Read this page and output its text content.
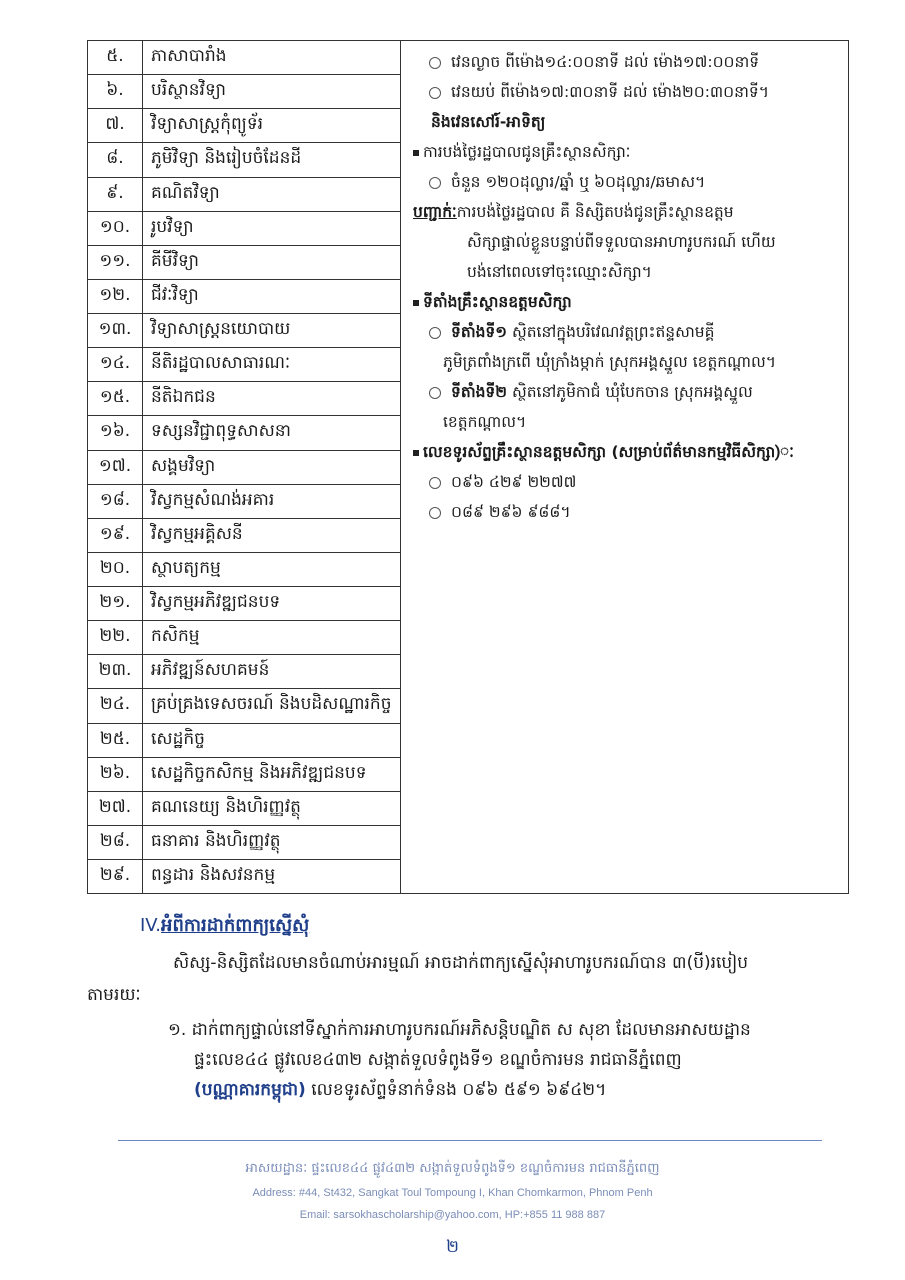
៥.	ភាសាបារាំង
៦.	បរិស្ថានវិទ្យា
៧.	វិទ្យាសាស្ត្រកុំព្យូទ័រ
៨.	ភូមិវិទ្យា និងរៀបចំដែនដី
៩.	គណិតវិទ្យា
១០.	រូបវិទ្យា
១១.	គីមីវិទ្យា
១២.	ជីវៈវិទ្យា
១៣.	វិទ្យាសាស្ត្រនយោបាយ
១៤.	នីតិរដ្ឋបាលសាធារណៈ
១៥.	នីតិឯកជន
១៦.	ទស្សនវិជ្ជាពុទ្ធសាសនា
១៧.	សង្គមវិទ្យា
១៨.	វិស្វកម្មសំណង់អគារ
១៩.	វិស្វកម្មអគ្គិសនី
២០.	ស្ថាបត្យកម្ម
២១.	វិស្វកម្មអភិវឌ្ឍជនបទ
២២.	កសិកម្ម
២៣.	អភិវឌ្ឍន៍សហគមន៍
២៤.	គ្រប់គ្រងទេសចរណ៍ និងបដិសណ្ឋារកិច្ច
២៥.	សេដ្ឋកិច្ច
២៦.	សេដ្ឋកិច្ចកសិកម្ម និងអភិវឌ្ឍជនបទ
២៧.	គណនេយ្យ និងហិរញ្ញវត្ថុ
២៨.	ធនាគារ និងហិរញ្ញវត្ថុ
២៩.	ពន្ធដារ និងសវនកម្ម
វេនល្ងាច ពីម៉ោង១៤:០០នាទី ដល់ ម៉ោង១៧:០០នាទី
វេនយប់ ពីម៉ោង១៧:៣០នាទី ដល់ ម៉ោង២០:៣០នាទី។
និងវេនសៅរ៍-អាទិត្យ
ការបង់ថ្លៃរដ្ឋបាលជូនគ្រឹះស្ថានសិក្សាៈ
ចំនួន ១២០ដុល្លារ/ឆ្នាំ ឬ ៦០ដុល្លារ/ឆមាស។
បញ្ជាក់ៈការបង់ថ្លៃរដ្ឋបាល គឺ និស្សិតបង់ជូនគ្រឹះស្ថានឧត្តម
សិក្សាផ្ទាល់ខ្លួនបន្ទាប់ពីទទួលបានអាហារូបករណ៍ ហើយ
បង់នៅពេលទៅចុះឈ្មោះសិក្សា។
ទីតាំងគ្រឹះស្ថានឧត្តមសិក្សា
ទីតាំងទី១ ស្ថិតនៅក្នុងបរិវេណវត្តព្រះឥន្ទសាមគ្គី
ភូមិត្រពាំងក្រពើ ឃុំក្រាំងម្កាក់ ស្រុកអង្គស្នួល ខេត្តកណ្ដាល។
ទីតាំងទី២ ស្ថិតនៅភូមិកាជំ ឃុំបែកចាន ស្រុកអង្គស្នួល
ខេត្តកណ្ដាល។
លេខទូរស័ព្ទគ្រឹះស្ថានឧត្តមសិក្សា (សម្រាប់ព័ត៌មានកម្មវិធីសិក្សា)ៈ
០៩៦ ៤២៩ ២២៧៧
០៨៩ ២៩៦ ៩៨៨។
IV.អំពីការដាក់ពាក្យស្នើសុំ
សិស្ស-និស្សិតដែលមានចំណាប់អារម្មណ៍ អាចដាក់ពាក្យស្នើសុំអាហារូបករណ៍បាន ៣(បី)របៀប
តាមរយៈ
១. ដាក់ពាក្យផ្ទាល់នៅទីស្នាក់ការអាហារូបករណ៍អភិសន្តិបណ្ឌិត ស សុខា ដែលមានអាសយដ្ឋាន
ផ្ទះលេខ៤៤ ផ្លូវលេខ៤៣២ សង្កាត់ទួលទំពូងទី១ ខណ្ឌចំការមន រាជធានីភ្នំពេញ
(បណ្ណាគារកម្ពុជា) លេខទូរស័ព្ទទំនាក់ទំនង ០៩៦ ៥៩១ ៦៩៤២។
អាសយដ្ឋានៈ ផ្ទះលេខ៤៤ ផ្លូវ៤៣២ សង្កាត់ទួលទំពូងទី១ ខណ្ឌចំការមន រាជធានីភ្នំពេញ
Address: #44, St432, Sangkat Toul Tompoung I, Khan Chomkarmon, Phnom Penh
Email: sarsokhascholarship@yahoo.com, HP:+855 11 988 887
២
